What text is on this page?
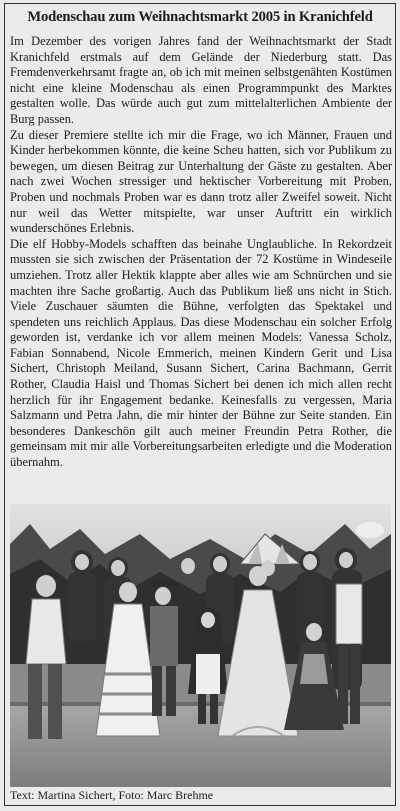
Modenschau zum Weihnachtsmarkt 2005 in Kranichfeld

Im Dezember des vorigen Jahres fand der Weihnachtsmarkt der Stadt Kranichfeld erstmals auf dem Gelände der Niederburg statt. Das Fremdenverkehrsamt fragte an, ob ich mit meinen selbstgenähten Kostümen nicht eine kleine Modenschau als einen Programmpunkt des Marktes gestalten wolle. Das würde auch gut zum mittelalterlichen Ambiente der Burg passen.

Zu dieser Premiere stellte ich mir die Frage, wo ich Männer, Frauen und Kinder herbekommen könnte, die keine Scheu hatten, sich vor Publikum zu bewegen, um diesen Beitrag zur Unterhaltung der Gäste zu gestalten. Aber nach zwei Wochen stressiger und hektischer Vorbereitung mit Proben, Proben und nochmals Proben war es dann trotz aller Zweifel soweit. Nicht nur weil das Wetter mitspielte, war unser Auftritt ein wirklich wunderschönes Erlebnis.

Die elf Hobby-Models schafften das beinahe Unglaubliche. In Rekordzeit mussten sie sich zwischen der Präsentation der 72 Kostüme in Windeseile umziehen. Trotz aller Hektik klappte aber alles wie am Schnürchen und sie machten ihre Sache großartig. Auch das Publikum ließ uns nicht in Stich. Viele Zuschauer säumten die Bühne, verfolgten das Spektakel und spendeten uns reichlich Applaus. Das diese Modenschau ein solcher Erfolg geworden ist, verdanke ich vor allem meinen Models: Vanessa Scholz, Fabian Sonnabend, Nicole Emmerich, meinen Kindern Gerit und Lisa Sichert, Christoph Meiland, Susann Sichert, Carina Bachmann, Gerrit Rother, Claudia Haisl und Thomas Sichert bei denen ich mich allen recht herzlich für ihr Engagement bedanke. Keinesfalls zu vergessen, Maria Salzmann und Petra Jahn, die mir hinter der Bühne zur Seite standen. Ein besonderes Dankeschön gilt auch meiner Freundin Petra Rother, die gemeinsam mit mir alle Vorbereitungsarbeiten erledigte und die Moderation übernahm.

Text: Martina Sichert, Foto: Marc Brehme
